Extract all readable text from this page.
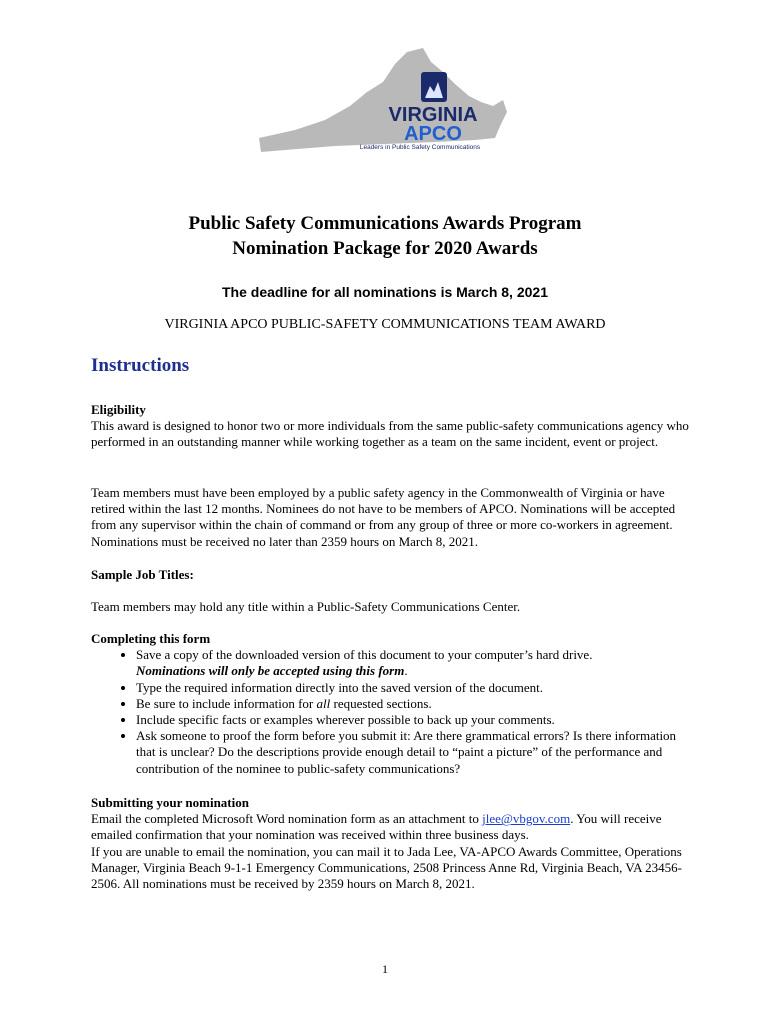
VIRGINIA
APCO
Leaders in Public Safety Communications
Public Safety Communications Awards Program
Nomination Package for 2020 Awards
The deadline for all nominations is March 8, 2021
VIRGINIA APCO PUBLIC-SAFETY COMMUNICATIONS TEAM AWARD
Instructions
Eligibility
This award is designed to honor two or more individuals from the same public-safety communications agency who performed in an outstanding manner while working together as a team on the same incident, event or project.
Team members must have been employed by a public safety agency in the Commonwealth of Virginia or have retired within the last 12 months. Nominees do not have to be members of APCO. Nominations will be accepted from any supervisor within the chain of command or from any group of three or more co-workers in agreement. Nominations must be received no later than 2359 hours on March 8, 2021.
Sample Job Titles:
Team members may hold any title within a Public-Safety Communications Center.
Completing this form
• Save a copy of the downloaded version of this document to your computer’s hard drive.
Nominations will only be accepted using this form.
• Type the required information directly into the saved version of the document.
• Be sure to include information for all requested sections.
• Include specific facts or examples wherever possible to back up your comments.
• Ask someone to proof the form before you submit it: Are there grammatical errors? Is there information that is unclear? Do the descriptions provide enough detail to “paint a picture” of the performance and contribution of the nominee to public-safety communications?
Submitting your nomination
Email the completed Microsoft Word nomination form as an attachment to jlee@vbgov.com. You will receive emailed confirmation that your nomination was received within three business days.
If you are unable to email the nomination, you can mail it to Jada Lee, VA-APCO Awards Committee, Operations Manager, Virginia Beach 9-1-1 Emergency Communications, 2508 Princess Anne Rd, Virginia Beach, VA 23456-2506. All nominations must be received by 2359 hours on March 8, 2021.
1
